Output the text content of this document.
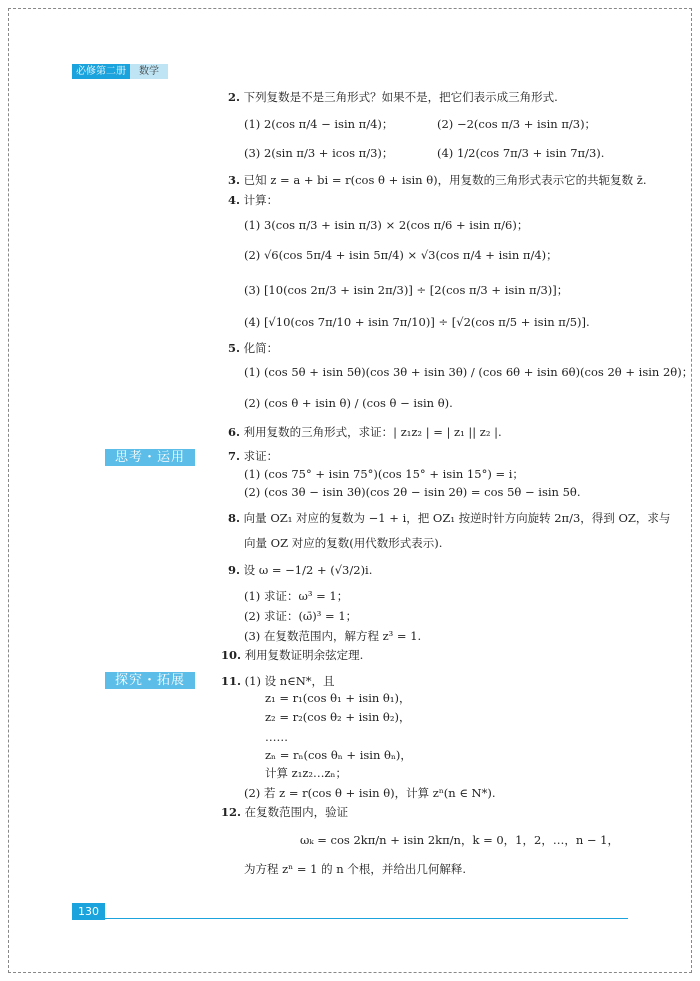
必修第二册	数学
思考・运用
探究・拓展
2. 下列复数是不是三角形式？如果不是，把它们表示成三角形式.
(1) 2(cos π/4 − isin π/4)；	(2) −2(cos π/3 + isin π/3)；
(3) 2(sin π/3 + icos π/3)；	(4) 1/2(cos 7π/3 + isin 7π/3).
3. 已知 z = a + bi = r(cos θ + isin θ)，用复数的三角形式表示它的共轭复数 z̄.
4. 计算：
(1) 3(cos π/3 + isin π/3) × 2(cos π/6 + isin π/6)；
(2) √6(cos 5π/4 + isin 5π/4) × √3(cos π/4 + isin π/4)；
(3) [10(cos 2π/3 + isin 2π/3)] ÷ [2(cos π/3 + isin π/3)]；
(4) [√10(cos 7π/10 + isin 7π/10)] ÷ [√2(cos π/5 + isin π/5)].
5. 化简：
(1) (cos 5θ + isin 5θ)(cos 3θ + isin 3θ) / (cos 6θ + isin 6θ)(cos 2θ + isin 2θ)；
(2) (cos θ + isin θ) / (cos θ − isin θ).
6. 利用复数的三角形式，求证：| z₁z₂ | = | z₁ || z₂ |.
7. 求证：
(1) (cos 75° + isin 75°)(cos 15° + isin 15°) = i；
(2) (cos 3θ − isin 3θ)(cos 2θ − isin 2θ) = cos 5θ − isin 5θ.
8. 向量 OZ₁ 对应的复数为 −1 + i，把 OZ₁ 按逆时针方向旋转 2π/3，得到 OZ，求与
向量 OZ 对应的复数(用代数形式表示).
9. 设 ω = −1/2 + (√3/2)i.
(1) 求证：ω³ = 1；
(2) 求证：(ω̄)³ = 1；
(3) 在复数范围内，解方程 z³ = 1.
10. 利用复数证明余弦定理.
11. (1) 设 n∈N*，且
z₁ = r₁(cos θ₁ + isin θ₁)，
z₂ = r₂(cos θ₂ + isin θ₂)，
……
zₙ = rₙ(cos θₙ + isin θₙ)，
计算 z₁z₂…zₙ；
(2) 若 z = r(cos θ + isin θ)，计算 zⁿ(n ∈ N*).
12. 在复数范围内，验证
ωₖ = cos 2kπ/n + isin 2kπ/n，k = 0，1，2，…，n − 1，
为方程 zⁿ = 1 的 n 个根，并给出几何解释.
130
